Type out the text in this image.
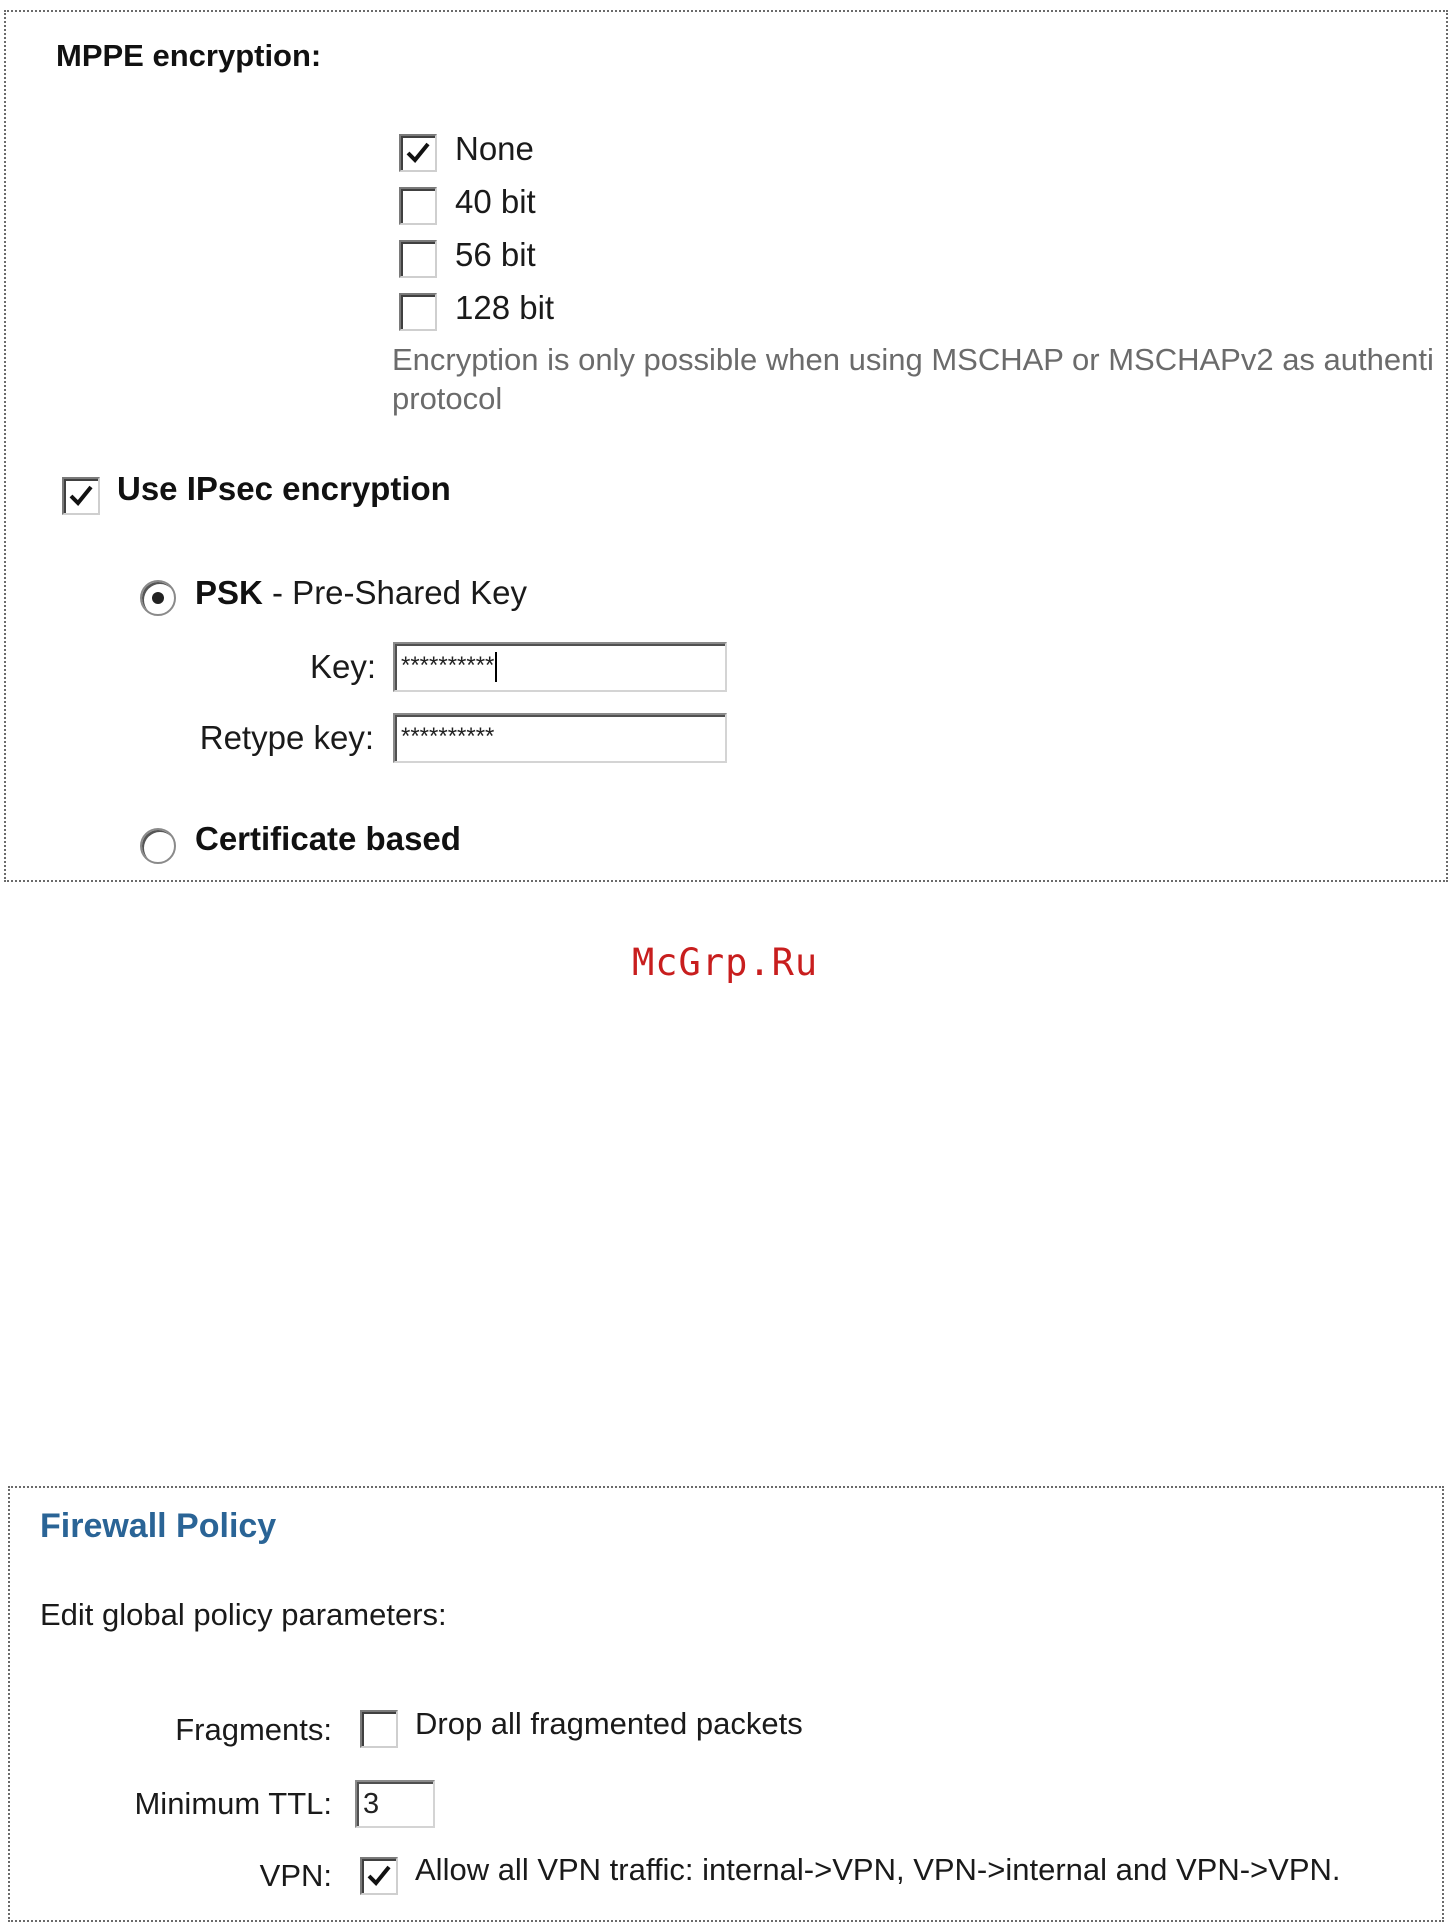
MPPE encryption:
None
40 bit
56 bit
128 bit
Encryption is only possible when using MSCHAP or MSCHAPv2 as authenti
protocol
Use IPsec encryption
PSK - Pre-Shared Key
Key:	**********
Retype key:	**********
Certificate based
McGrp.Ru
Firewall Policy
Edit global policy parameters:
Fragments:	Drop all fragmented packets
Minimum TTL: 3
VPN:	Allow all VPN traffic: internal->VPN, VPN->internal and VPN->VPN.
